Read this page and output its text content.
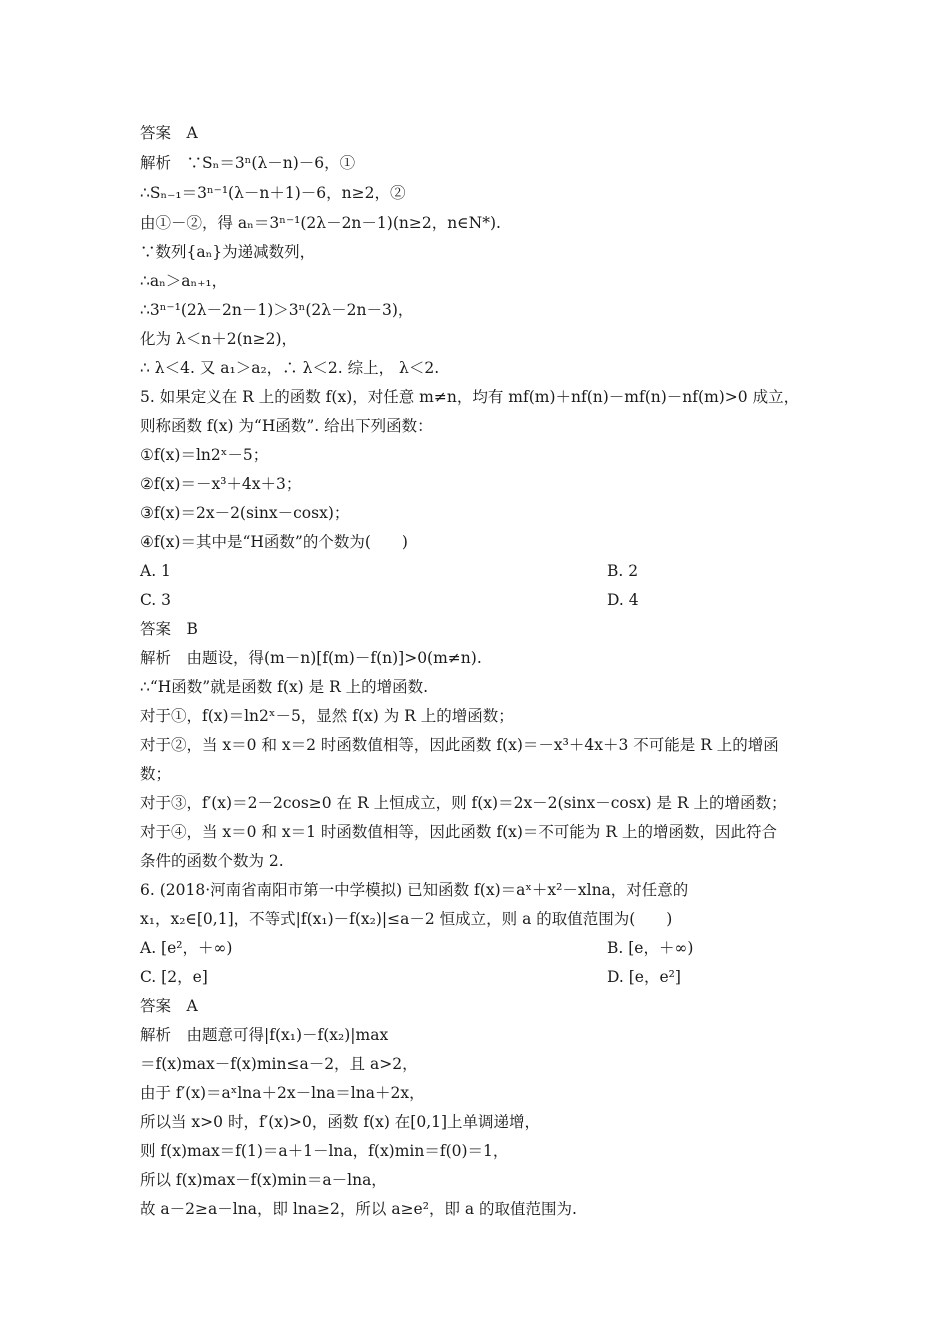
答案　A
解析　∵Sₙ＝3ⁿ(λ－n)－6，①
∴Sₙ₋₁＝3ⁿ⁻¹(λ－n＋1)－6，n≥2，②
由①－②，得 aₙ＝3ⁿ⁻¹(2λ－2n－1)(n≥2，n∈N*).
∵数列{aₙ}为递减数列，
∴aₙ＞aₙ₊₁，
∴3ⁿ⁻¹(2λ－2n－1)＞3ⁿ(2λ－2n－3)，
化为 λ＜n＋2(n≥2)，
∴ λ＜4. 又 a₁＞a₂，∴ λ＜2. 综上， λ＜2.
5. 如果定义在 R 上的函数 f(x)，对任意 m≠n，均有 mf(m)＋nf(n)－mf(n)－nf(m)>0 成立，
则称函数 f(x) 为“H函数”. 给出下列函数：
①f(x)＝ln2ˣ－5；
②f(x)＝－x³＋4x＋3；
③f(x)＝2x－2(sinx－cosx)；
④f(x)＝其中是“H函数”的个数为(　　)
A. 1	B. 2
C. 3	D. 4
答案　B
解析　由题设，得(m－n)[f(m)－f(n)]>0(m≠n).
∴“H函数”就是函数 f(x) 是 R 上的增函数.
对于①，f(x)＝ln2ˣ－5，显然 f(x) 为 R 上的增函数；
对于②，当 x＝0 和 x＝2 时函数值相等，因此函数 f(x)＝－x³＋4x＋3 不可能是 R 上的增函
数；
对于③，f′(x)＝2－2cos≥0 在 R 上恒成立，则 f(x)＝2x－2(sinx－cosx) 是 R 上的增函数；
对于④，当 x＝0 和 x＝1 时函数值相等，因此函数 f(x)＝不可能为 R 上的增函数，因此符合
条件的函数个数为 2.
6. (2018·河南省南阳市第一中学模拟) 已知函数 f(x)＝aˣ＋x²－xlna，对任意的
x₁，x₂∈[0,1]，不等式|f(x₁)－f(x₂)|≤a－2 恒成立，则 a 的取值范围为(　　)
A. [e²，＋∞)	B. [e，＋∞)
C. [2，e]	D. [e，e²]
答案　A
解析　由题意可得|f(x₁)－f(x₂)|max
＝f(x)max－f(x)min≤a－2，且 a>2，
由于 f′(x)＝aˣlna＋2x－lna＝lna＋2x，
所以当 x>0 时，f′(x)>0，函数 f(x) 在[0,1]上单调递增，
则 f(x)max＝f(1)＝a＋1－lna，f(x)min＝f(0)＝1，
所以 f(x)max－f(x)min＝a－lna，
故 a－2≥a－lna，即 lna≥2，所以 a≥e²，即 a 的取值范围为.
